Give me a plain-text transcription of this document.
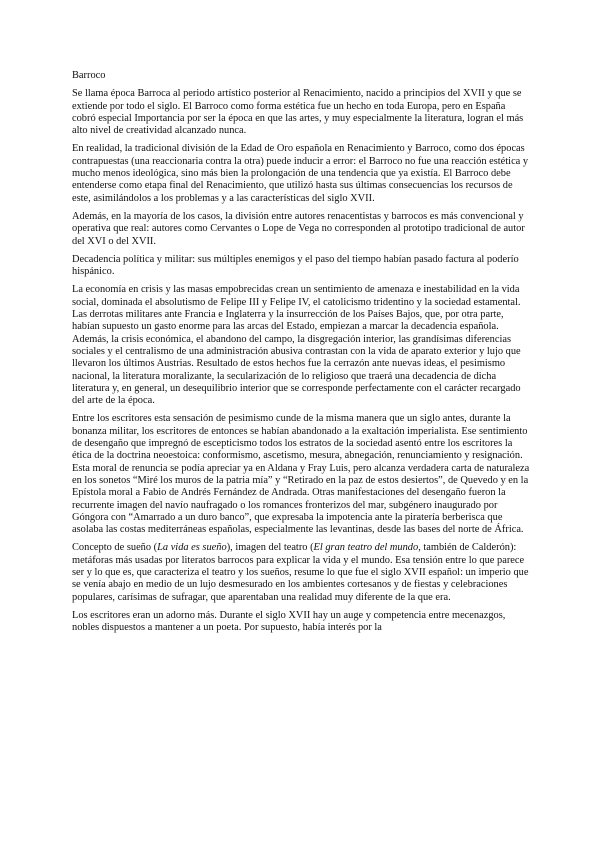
Barroco

Se llama época Barroca al periodo artístico posterior al Renacimiento, nacido a principios del XVII y que se extiende por todo el siglo. El Barroco como forma estética fue un hecho en toda Europa, pero en España cobró especial Importancia por ser la época en que las artes, y muy especialmente la literatura, logran el más alto nivel de creatividad alcanzado nunca.

En realidad, la tradicional división de la Edad de Oro española en Renacimiento y Barroco, como dos épocas contrapuestas (una reaccionaria contra la otra) puede inducir a error: el Barroco no fue una reacción estética y mucho menos ideológica, sino más bien la prolongación de una tendencia que ya existía. El Barroco debe entenderse como etapa final del Renacimiento, que utilizó hasta sus últimas consecuencias los recursos de este, asimilándolos a los problemas y a las características del siglo XVII.

Además, en la mayoría de los casos, la división entre autores renacentistas y barrocos es más convencional y operativa que real: autores como Cervantes o Lope de Vega no corresponden al prototipo tradicional de autor del XVI o del XVII.

Decadencia política y militar: sus múltiples enemigos y el paso del tiempo habían pasado factura al poderío hispánico.

La economía en crisis y las masas empobrecidas crean un sentimiento de amenaza e inestabilidad en la vida social, dominada el absolutismo de Felipe III y Felipe IV, el catolicismo tridentino y la sociedad estamental. Las derrotas militares ante Francia e Inglaterra y la insurrección de los Países Bajos, que, por otra parte, habían supuesto un gasto enorme para las arcas del Estado, empiezan a marcar la decadencia española. Además, la crisis económica, el abandono del campo, la disgregación interior, las grandísimas diferencias sociales y el centralismo de una administración abusiva contrastan con la vida de aparato exterior y lujo que llevaron los últimos Austrias. Resultado de estos hechos fue la cerrazón ante nuevas ideas, el pesimismo nacional, la literatura moralizante, la secularización de lo religioso que traerá una decadencia de dicha literatura y, en general, un desequilibrio interior que se corresponde perfectamente con el carácter recargado del arte de la época.

Entre los escritores esta sensación de pesimismo cunde de la misma manera que un siglo antes, durante la bonanza militar, los escritores de entonces se habían abandonado a la exaltación imperialista. Ese sentimiento de desengaño que impregnó de escepticismo todos los estratos de la sociedad asentó entre los escritores la ética de la doctrina neoestoica: conformismo, ascetismo, mesura, abnegación, renunciamiento y resignación. Esta moral de renuncia se podía apreciar ya en Aldana y Fray Luis, pero alcanza verdadera carta de naturaleza en los sonetos “Miré los muros de la patria mía” y “Retirado en la paz de estos desiertos”, de Quevedo y en la Epístola moral a Fabio de Andrés Fernández de Andrada. Otras manifestaciones del desengaño fueron la recurrente imagen del navío naufragado o los romances fronterizos del mar, subgénero inaugurado por Góngora con “Amarrado a un duro banco”, que expresaba la impotencia ante la piratería berberisca que asolaba las costas mediterráneas españolas, especialmente las levantinas, desde las bases del norte de África.

Concepto de sueño (La vida es sueño), imagen del teatro (El gran teatro del mundo, también de Calderón): metáforas más usadas por literatos barrocos para explicar la vida y el mundo. Esa tensión entre lo que parece ser y lo que es, que caracteriza el teatro y los sueños, resume lo que fue el siglo XVII español: un imperio que se venía abajo en medio de un lujo desmesurado en los ambientes cortesanos y de fiestas y celebraciones populares, carísimas de sufragar, que aparentaban una realidad muy diferente de la que era.

Los escritores eran un adorno más. Durante el siglo XVII hay un auge y competencia entre mecenazgos, nobles dispuestos a mantener a un poeta. Por supuesto, había interés por la
